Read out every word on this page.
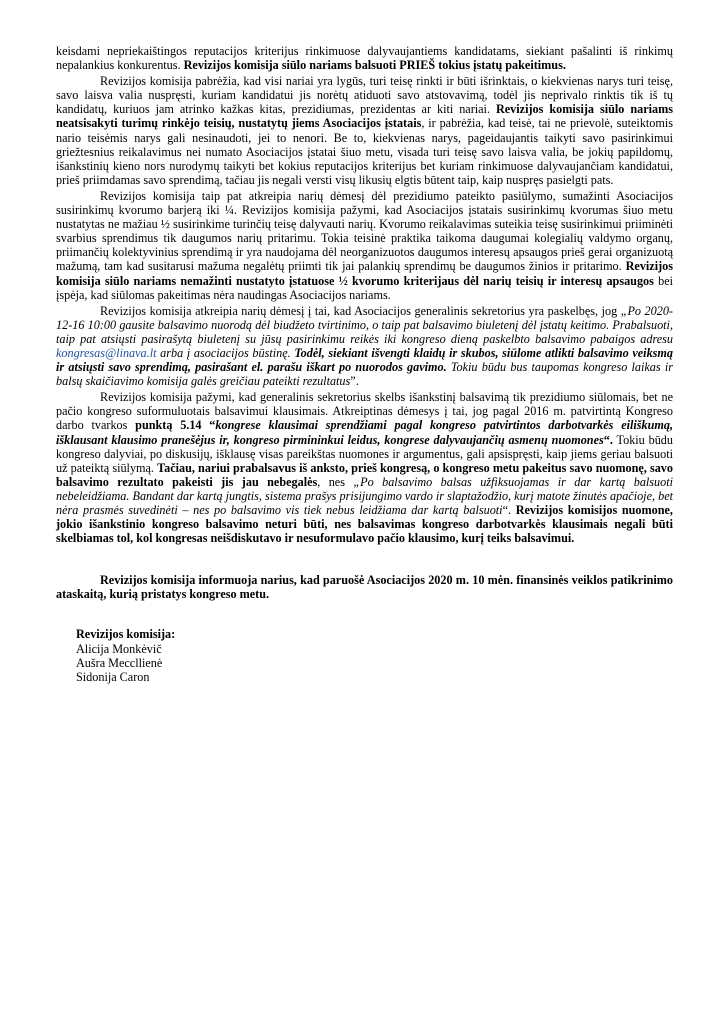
keisdami nepriekaištingos reputacijos kriterijus rinkimuose dalyvaujantiems kandidatams, siekiant pašalinti iš rinkimų nepalankius konkurentus. Revizijos komisija siūlo nariams balsuoti PRIEŠ tokius įstatų pakeitimus.

Revizijos komisija pabrėžia, kad visi nariai yra lygūs, turi teisę rinkti ir būti išrinktais, o kiekvienas narys turi teisę, savo laisva valia nuspręsti, kuriam kandidatui jis norėtų atiduoti savo atstovavimą, todėl jis neprivalo rinktis tik iš tų kandidatų, kuriuos jam atrinko kažkas kitas, prezidiumas, prezidentas ar kiti nariai. Revizijos komisija siūlo nariams neatsisakyti turimų rinkėjo teisių, nustatytų jiems Asociacijos įstatais, ir pabrėžia, kad teisė, tai ne prievolė, suteiktomis nario teisėmis narys gali nesinaudoti, jei to nenori. Be to, kiekvienas narys, pageidaujantis taikyti savo pasirinkimui griežtesnius reikalavimus nei numato Asociacijos įstatai šiuo metu, visada turi teisę savo laisva valia, be jokių papildomų, išankstinių kieno nors nurodymų taikyti bet kokius reputacijos kriterijus bet kuriam rinkimuose dalyvaujančiam kandidatui, prieš priimdamas savo sprendimą, tačiau jis negali versti visų likusių elgtis būtent taip, kaip nuspręs pasielgti pats.

Revizijos komisija taip pat atkreipia narių dėmesį dėl prezidiumo pateikto pasiūlymo, sumažinti Asociacijos susirinkimų kvorumo barjerą iki ¼. Revizijos komisija pažymi, kad Asociacijos įstatais susirinkimų kvorumas šiuo metu nustatytas ne mažiau ½ susirinkime turinčių teisę dalyvauti narių. Kvorumo reikalavimas suteikia teisę susirinkimui priiminėti svarbius sprendimus tik daugumos narių pritarimu. Tokia teisinė praktika taikoma daugumai kolegialių valdymo organų, priimančių kolektyvinius sprendimą ir yra naudojama dėl neorganizuotos daugumos interesų apsaugos prieš gerai organizuotą mažumą, tam kad susitarusi mažuma negalėtų priimti tik jai palankių sprendimų be daugumos žinios ir pritarimo. Revizijos komisija siūlo nariams nemažinti nustatyto įstatuose ½ kvorumo kriterijaus dėl narių teisių ir interesų apsaugos bei įspėja, kad siūlomas pakeitimas nėra naudingas Asociacijos nariams.

Revizijos komisija atkreipia narių dėmesį į tai, kad Asociacijos generalinis sekretorius yra paskelbęs, jog „Po 2020-12-16 10:00 gausite balsavimo nuorodą dėl biudžeto tvirtinimo, o taip pat balsavimo biuletenį dėl įstatų keitimo. Prabalsuoti, taip pat atsiųsti pasirašytą biuletenį su jūsų pasirinkimu reikės iki kongreso dieną paskelbto balsavimo pabaigos adresu kongresas@linava.lt arba į asociacijos būstinę. Todėl, siekiant išvengti klaidų ir skubos, siūlome atlikti balsavimo veiksmą ir atsiųsti savo sprendimą, pasirašant el. parašu iškart po nuorodos gavimo. Tokiu būdu bus taupomas kongreso laikas ir balsų skaičiavimo komisija galės greičiau pateikti rezultatus”.

Revizijos komisija pažymi, kad generalinis sekretorius skelbs išankstinį balsavimą tik prezidiumo siūlomais, bet ne pačio kongreso suformuluotais balsavimui klausimais. Atkreiptinas dėmesys į tai, jog pagal 2016 m. patvirtintą Kongreso darbo tvarkos punktą 5.14 “kongrese klausimai sprendžiami pagal kongreso patvirtintos darbotvarkės eiliškumą, išklausant klausimo pranešėjus ir, kongreso pirmininkui leidus, kongrese dalyvaujančių asmenų nuomones“. Tokiu būdu kongreso dalyviai, po diskusijų, išklausę visas pareikštas nuomones ir argumentus, gali apsispręsti, kaip jiems geriau balsuoti už pateiktą siūlymą. Tačiau, nariui prabalsavus iš anksto, prieš kongresą, o kongreso metu pakeitus savo nuomonę, savo balsavimo rezultato pakeisti jis jau nebegalės, nes „Po balsavimo balsas užfiksuojamas ir dar kartą balsuoti nebeleidžiama. Bandant dar kartą jungtis, sistema prašys prisijungimo vardo ir slaptažodžio, kurį matote žinutės apačioje, bet nėra prasmės suvedinėti – nes po balsavimo vis tiek nebus leidžiama dar kartą balsuoti“. Revizijos komisijos nuomone, jokio išankstinio kongreso balsavimo neturi būti, nes balsavimas kongreso darbotvarkės klausimais negali būti skelbiamas tol, kol kongresas neišdiskutavo ir nesuformulavo pačio klausimo, kurį teiks balsavimui.

Revizijos komisija informuoja narius, kad paruošė Asociacijos 2020 m. 10 mėn. finansinės veiklos patikrinimo ataskaitą, kurią pristatys kongreso metu.

Revizijos komisija:
Alicija Monkėvič
Aušra Meccllienė
Sidonija Caron
